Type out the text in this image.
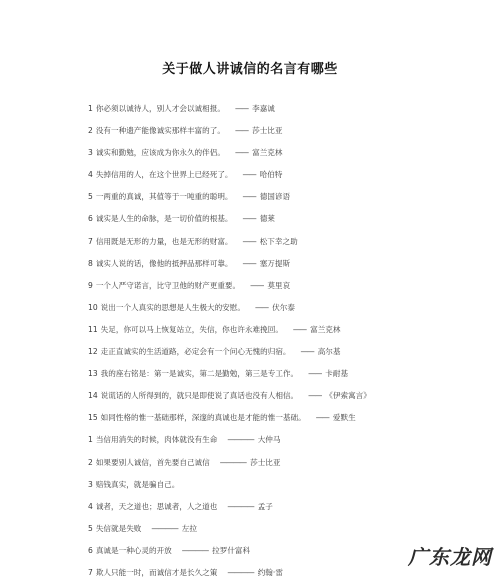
关于做人讲诚信的名言有哪些
1 你必须以诚待人，别人才会以诚相报。 —— 李嘉诚
2 没有一种遗产能像诚实那样丰富的了。 —— 莎士比亚
3 诚实和勤勉，应该成为你永久的伴侣。 —— 富兰克林
4 失掉信用的人，在这个世界上已经死了。 —— 哈伯特
5 一两重的真诚，其值等于一吨重的聪明。 —— 德国谚语
6 诚实是人生的命脉，是一切价值的根基。 —— 德莱
7 信用既是无形的力量，也是无形的财富。 —— 松下幸之助
8 诚实人说的话，像他的抵押品那样可靠。 —— 塞万提斯
9 一个人严守诺言，比守卫他的财产更重要。 —— 莫里哀
10 说出一个人真实的思想是人生极大的安慰。 —— 伏尔泰
11 失足，你可以马上恢复站立，失信，你也许永难挽回。 —— 富兰克林
12 走正直诚实的生活道路，必定会有一个问心无愧的归宿。 —— 高尔基
13 我的座右铭是：第一是诚实，第二是勤勉，第三是专工作。 —— 卡耐基
14 说谎话的人所得到的，就只是即使说了真话也没有人相信。 —— 《伊索寓言》
15 如同性格的惟一基础那样，深邃的真诚也是才能的惟一基础。 —— 爱默生
1 当信用消失的时候，肉体就没有生命 ———— 大仲马
2 如果要别人诚信，首先要自己诚信 ———— 莎士比亚
3 赔钱真实，就是骗自己。
4 诚者，天之道也；思诚者，人之道也 ———— 孟子
5 失信就是失败 ———— 左拉
6 真诚是一种心灵的开放 ———— 拉罗什富科
7 欺人只能一时，而诚信才是长久之策 ———— 约翰·雷
广东龙网
